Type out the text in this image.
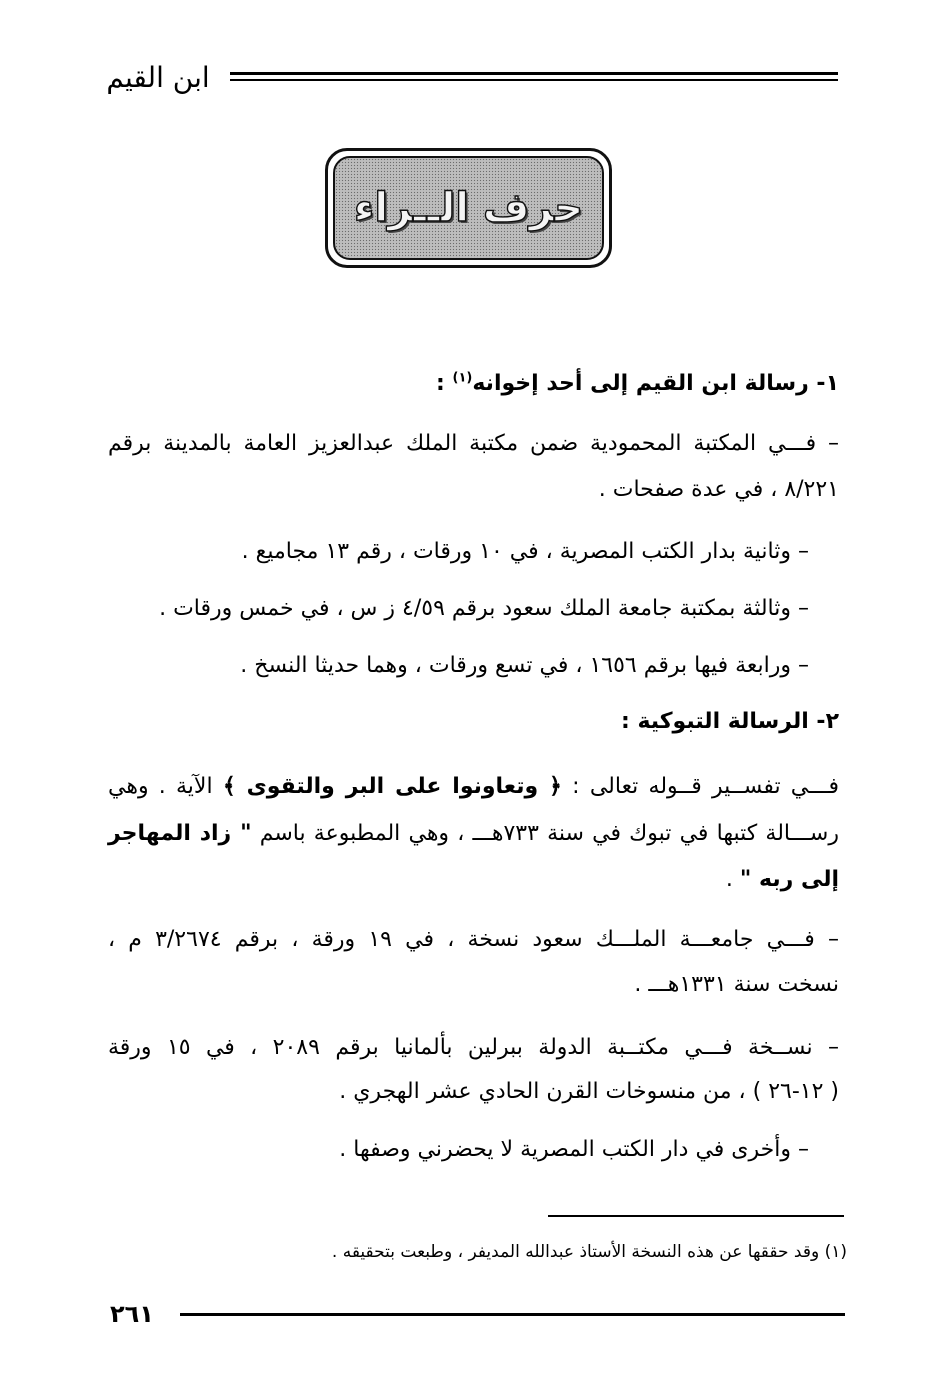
ابن القيم
حرف الــراء
١- رسالة ابن القيم إلى أحد إخوانه$^{(١)}$ :
– فـــي المكتبة المحمودية ضمن مكتبة الملك عبدالعزيز العامة بالمدينة برقم
٨/٢٢١ ، في عدة صفحات .
– وثانية بدار الكتب المصرية ، في ١٠ ورقات ، رقم ١٣ مجاميع .
– وثالثة بمكتبة جامعة الملك سعود برقم ٤/٥٩ ز س ، في خمس ورقات .
– ورابعة فيها برقم ١٦٥٦ ، في تسع ورقات ، وهما حديثا النسخ .
٢- الرسالة التبوكية :
فـــي تفســير قــوله تعالى : ﴿ وتعاونوا على البر والتقوى ﴾ الآية . وهي
رســـالة كتبها في تبوك في سنة ٧٣٣هـــ ، وهي المطبوعة باسم " زاد المهاجر
إلى ربه " .
– فـــي جامعـــة الملـــك سعود نسخة ، في ١٩ ورقة ، برقم ٣/٢٦٧٤ م ،
نسخت سنة ١٣٣١هـــ .
– نســخة فـــي مكتــبة الدولة ببرلين بألمانيا برقم ٢٠٨٩ ، في ١٥ ورقة
( ١٢-٢٦ ) ، من منسوخات القرن الحادي عشر الهجري .
– وأخرى في دار الكتب المصرية لا يحضرني وصفها .
(١) وقد حققها عن هذه النسخة الأستاذ عبدالله المديفر ، وطبعت بتحقيقه .
٢٦١
